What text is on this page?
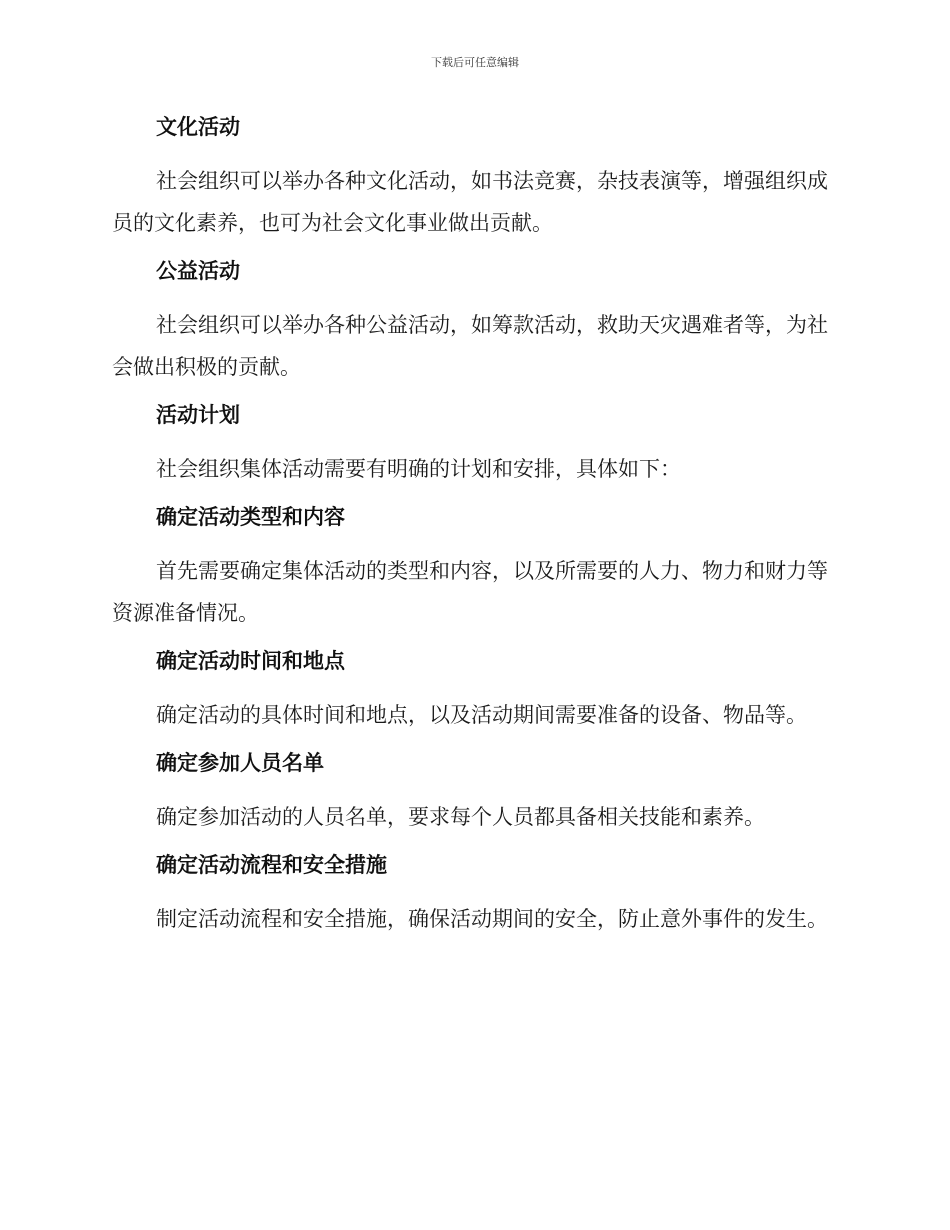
下载后可任意编辑
文化活动

社会组织可以举办各种文化活动，如书法竞赛，杂技表演等，增强组织成员的文化素养，也可为社会文化事业做出贡献。

公益活动

社会组织可以举办各种公益活动，如筹款活动，救助天灾遇难者等，为社会做出积极的贡献。

活动计划

社会组织集体活动需要有明确的计划和安排，具体如下：

确定活动类型和内容

首先需要确定集体活动的类型和内容，以及所需要的人力、物力和财力等资源准备情况。

确定活动时间和地点

确定活动的具体时间和地点，以及活动期间需要准备的设备、物品等。

确定参加人员名单

确定参加活动的人员名单，要求每个人员都具备相关技能和素养。

确定活动流程和安全措施

制定活动流程和安全措施，确保活动期间的安全，防止意外事件的发生。
